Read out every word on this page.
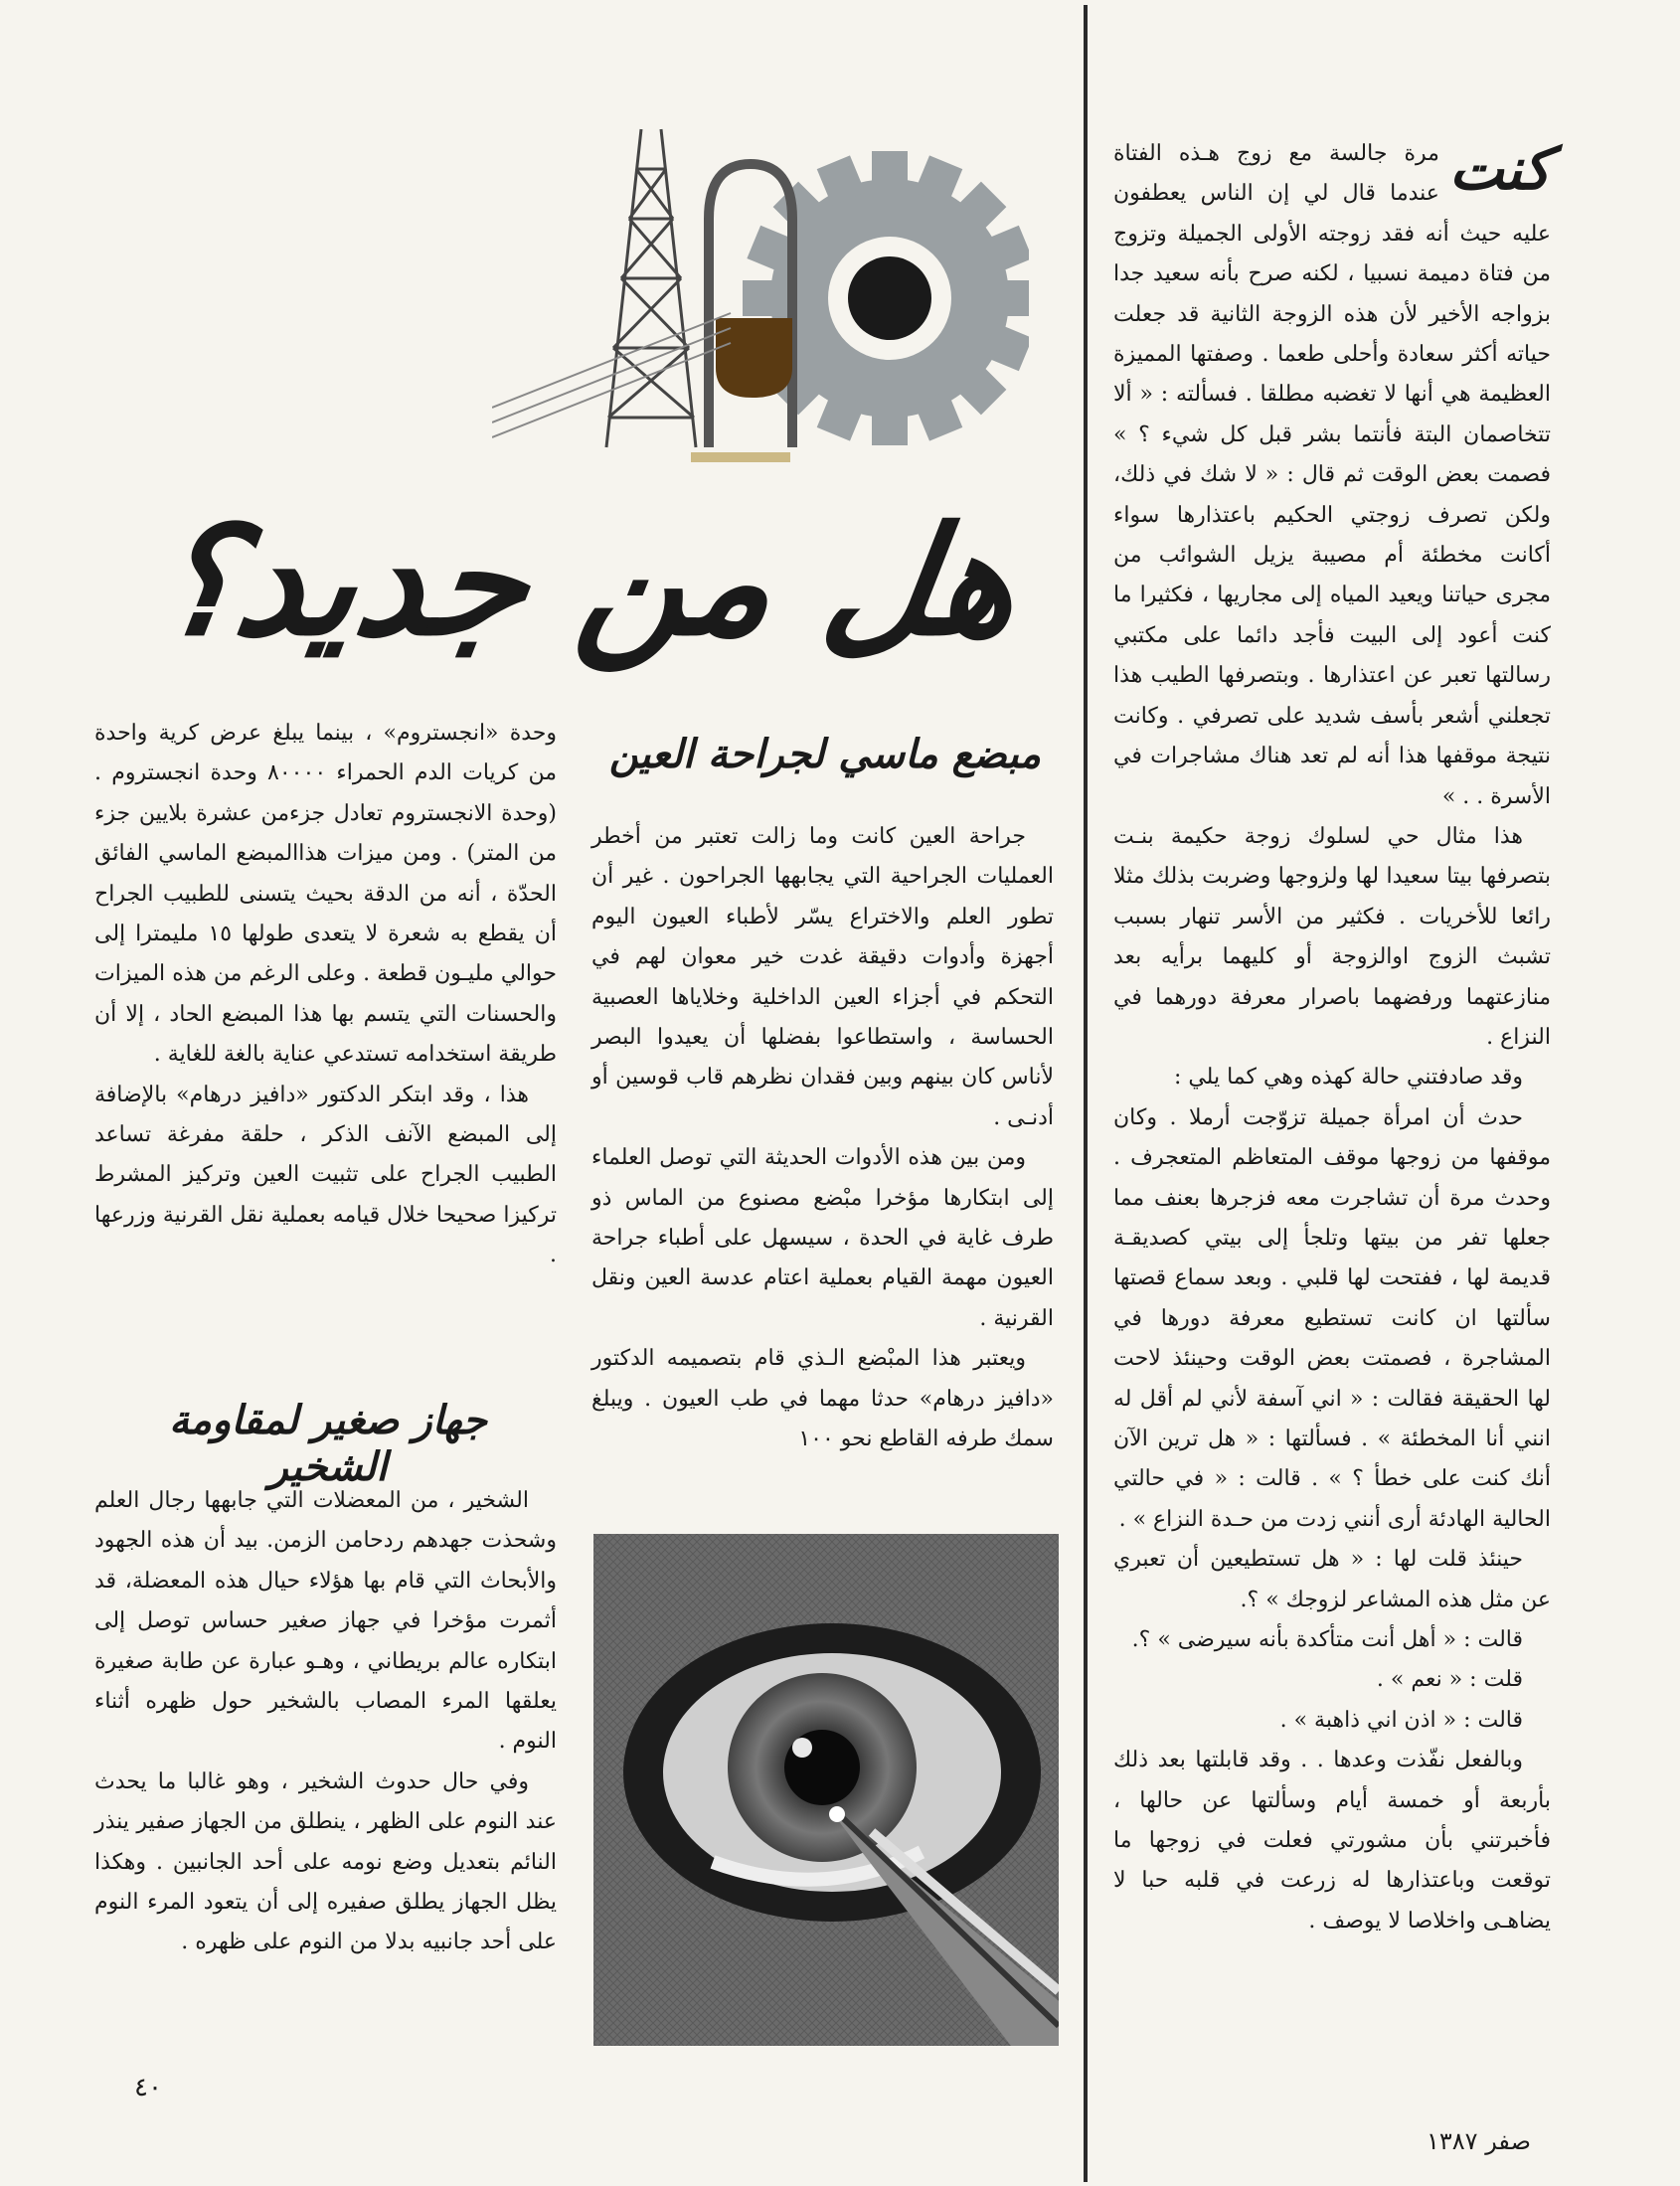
هل من جديد؟

كنت
مرة جالسة مع زوج هـذه الفتاة عندما قال لي إن الناس يعطفون عليه حيث أنه فقد زوجته الأولى الجميلة وتزوج من فتاة دميمة نسبيا ، لكنه صرح بأنه سعيد جدا بزواجه الأخير لأن هذه الزوجة الثانية قد جعلت حياته أكثر سعادة وأحلى طعما . وصفتها المميزة العظيمة هي أنها لا تغضبه مطلقا . فسألته : « ألا تتخاصمان البتة فأنتما بشر قبل كل شيء ؟ » فصمت بعض الوقت ثم قال : « لا شك في ذلك، ولكن تصرف زوجتي الحكيم باعتذارها سواء أكانت مخطئة أم مصيبة يزيل الشوائب من مجرى حياتنا ويعيد المياه إلى مجاريها ، فكثيرا ما كنت أعود إلى البيت فأجد دائما على مكتبي رسالتها تعبر عن اعتذارها . وبتصرفها الطيب هذا تجعلني أشعر بأسف شديد على تصرفي . وكانت نتيجة موقفها هذا أنه لم تعد هناك مشاجرات في الأسرة . . »

هذا مثال حي لسلوك زوجة حكيمة بنـت بتصرفها بيتا سعيدا لها ولزوجها وضربت بذلك مثلا رائعا للأخريات . فكثير من الأسر تنهار بسبب تشبث الزوج اوالزوجة أو كليهما برأيه بعد منازعتهما ورفضهما باصرار معرفة دورهما في النزاع .

وقد صادفتني حالة كهذه وهي كما يلي :

حدث أن امرأة جميلة تزوّجت أرملا . وكان موقفها من زوجها موقف المتعاظم المتعجرف . وحدث مرة أن تشاجرت معه فزجرها بعنف مما جعلها تفر من بيتها وتلجأ إلى بيتي كصديقـة قديمة لها ، ففتحت لها قلبي . وبعد سماع قصتها سألتها ان كانت تستطيع معرفة دورها في المشاجرة ، فصمتت بعض الوقت وحينئذ لاحت لها الحقيقة فقالت : « اني آسفة لأني لم أقل له انني أنا المخطئة » . فسألتها : « هل ترين الآن أنك كنت على خطأ ؟ » . قالت : « في حالتي الحالية الهادئة أرى أنني زدت من حـدة النزاع » .

حينئذ قلت لها : « هل تستطيعين أن تعبري عن مثل هذه المشاعر لزوجك » ؟.

قالت : « أهل أنت متأكدة بأنه سيرضى » ؟.

قلت : « نعم » .

قالت : « اذن اني ذاهبة » .

وبالفعل نفّذت وعدها . . وقد قابلتها بعد ذلك بأربعة أو خمسة أيام وسألتها عن حالها ، فأخبرتني بأن مشورتي فعلت في زوجها ما توقعت وباعتذارها له زرعت في قلبه حبا لا يضاهـى واخلاصا لا يوصف .

مبضع ماسي لجراحة العين

جراحة العين كانت وما زالت تعتبر من أخطر العمليات الجراحية التي يجابهها الجراحون . غير أن تطور العلم والاختراع يسّر لأطباء العيون اليوم أجهزة وأدوات دقيقة غدت خير معوان لهم في التحكم في أجزاء العين الداخلية وخلاياها العصبية الحساسة ، واستطاعوا بفضلها أن يعيدوا البصر لأناس كان بينهم وبين فقدان نظرهم قاب قوسين أو أدنـى .

ومن بين هذه الأدوات الحديثة التي توصل العلماء إلى ابتكارها مؤخرا مبْضع مصنوع من الماس ذو طرف غاية في الحدة ، سيسهل على أطباء جراحة العيون مهمة القيام بعملية اعتام عدسة العين ونقل القرنية .

ويعتبر هذا المبْضع الـذي قام بتصميمه الدكتور «دافيز درهام» حدثا مهما في طب العيون . ويبلغ سمك طرفه القاطع نحو ١٠٠

وحدة «انجستروم» ، بينما يبلغ عرض كرية واحدة من كريات الدم الحمراء ٨٠٠٠٠ وحدة انجستروم . (وحدة الانجستروم تعادل جزءمن عشرة بلايين جزء من المتر) . ومن ميزات هذاالمبضع الماسي الفائق الحدّة ، أنه من الدقة بحيث يتسنى للطبيب الجراح أن يقطع به شعرة لا يتعدى طولها ١٥ مليمترا إلى حوالي مليـون قطعة . وعلى الرغم من هذه الميزات والحسنات التي يتسم بها هذا المبضع الحاد ، إلا أن طريقة استخدامه تستدعي عناية بالغة للغاية .

هذا ، وقد ابتكر الدكتور «دافيز درهام» بالإضافة إلى المبضع الآنف الذكر ، حلقة مفرغة تساعد الطبيب الجراح على تثبيت العين وتركيز المشرط تركيزا صحيحا خلال قيامه بعملية نقل القرنية وزرعها .

جهاز صغير لمقاومة الشخير

الشخير ، من المعضلات التي جابهها رجال العلم وشحذت جهدهم ردحامن الزمن. بيد أن هذه الجهود والأبحاث التي قام بها هؤلاء حيال هذه المعضلة، قد أثمرت مؤخرا في جهاز صغير حساس توصل إلى ابتكاره عالم بريطاني ، وهـو عبارة عن طابة صغيرة يعلقها المرء المصاب بالشخير حول ظهره أثناء النوم .

وفي حال حدوث الشخير ، وهو غالبا ما يحدث عند النوم على الظهر ، ينطلق من الجهاز صفير ينذر النائم بتعديل وضع نومه على أحد الجانبين . وهكذا يظل الجهاز يطلق صفيره إلى أن يتعود المرء النوم على أحد جانبيه بدلا من النوم على ظهره .

٤٠
صفر ١٣٨٧
